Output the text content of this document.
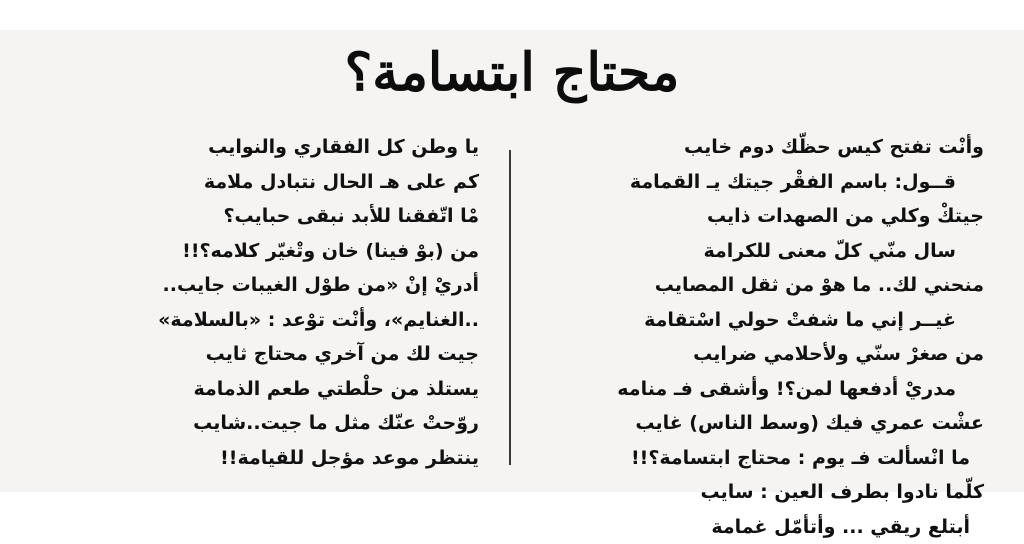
محتاج ابتسامة؟
وأنْت تفتح كيس حظّك دوم خايب
قــول: باسم الفقْر جيتك يـ القمامة
جيتكْ وكلي من الصهدات ذايب
سال منّي كلّ معنى للكرامة
منحني لك.. ما هوْ من ثقل المصايب
غيــر إني ما شفتْ حولي اسْتقامة
من صغرْ سنّي ولأحلامي ضرايب
مدريْ أدفعها لمن؟! وأشقى فـ منامه
عشْت عمري فيك (وسط الناس) غايب
ما انْسألت فـ يوم : محتاج ابتسامة؟!!
كلّما نادوا بطرف العين : سايب
أبتلع ريقي ... وأتأمّل غمامة
يا وطن كل الفقاري والنوايب
كم على هـ الحال نتبادل ملامة
مْا اتّفقنا للأبد نبقى حبايب؟
من (بوْ فينا) خان وتْغيّر كلامه؟!!
أدريْ إنْ «من طوْل الغيبات جايب..
..الغنايم»، وأنْت توْعد : «بالسلامة»
جيت لك من آخري محتاج ثايب
يستلذ من حلْطتي طعم الذمامة
روّحتْ عنّك مثل ما جيت..شايب
ينتظر موعد مؤجل للقيامة!!
